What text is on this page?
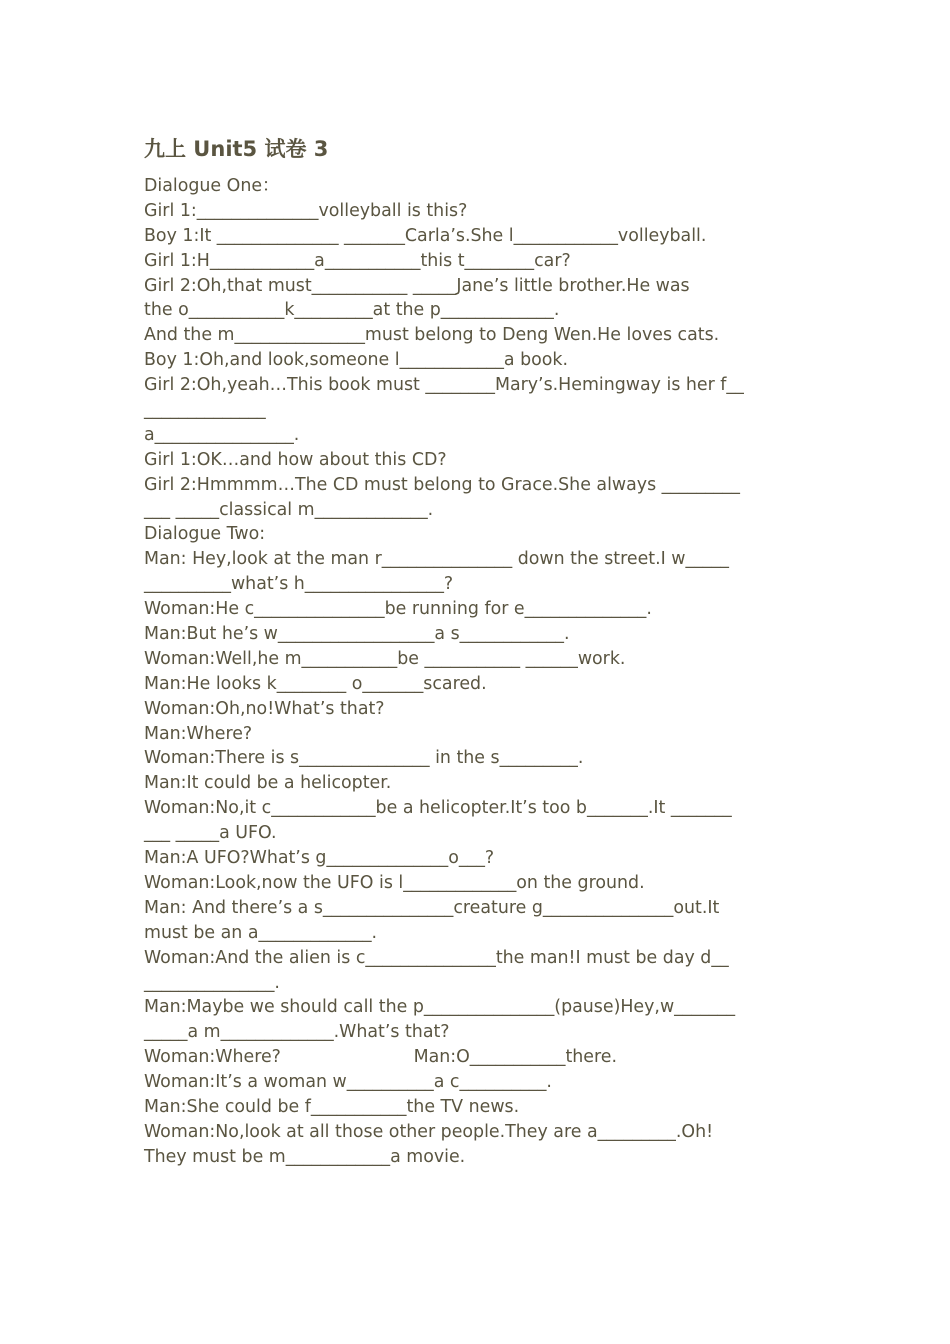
九上 Unit5 试卷 3
Dialogue One：
Girl 1:______________volleyball is this?
Boy 1:It ______________ _______Carla’s.She l____________volleyball.
Girl 1:H____________a___________this t________car?
Girl 2:Oh,that must___________ _____Jane’s little brother.He was
the o___________k_________at the p_____________.
And the m_______________must belong to Deng Wen.He loves cats.
Boy 1:Oh,and look,someone l____________a book.
Girl 2:Oh,yeah…This book must ________Mary’s.Hemingway is her f__
______________
a________________.
Girl 1:OK…and how about this CD?
Girl 2:Hmmmm…The CD must belong to Grace.She always _________
___ _____classical m_____________.
Dialogue Two:
Man: Hey,look at the man r_______________ down the street.I w_____
__________what’s h________________?
Woman:He c_______________be running for e______________.
Man:But he’s w__________________a s____________.
Woman:Well,he m___________be ___________ ______work.
Man:He looks k________ o_______scared.
Woman:Oh,no!What’s that?
Man:Where?
Woman:There is s_______________ in the s_________.
Man:It could be a helicopter.
Woman:No,it c____________be a helicopter.It’s too b_______.It _______
___ _____a UFO.
Man:A UFO?What’s g______________o___?
Woman:Look,now the UFO is l_____________on the ground.
Man: And there’s a s_______________creature g_______________out.It
must be an a_____________.
Woman:And the alien is c_______________the man!I must be day d__
_______________.
Man:Maybe we should call the p_______________(pause)Hey,w_______
_____a m_____________.What’s that?
Woman:Where?                        Man:O___________there.
Woman:It’s a woman w__________a c__________.
Man:She could be f___________the TV news.
Woman:No,look at all those other people.They are a_________.Oh!
They must be m____________a movie.
